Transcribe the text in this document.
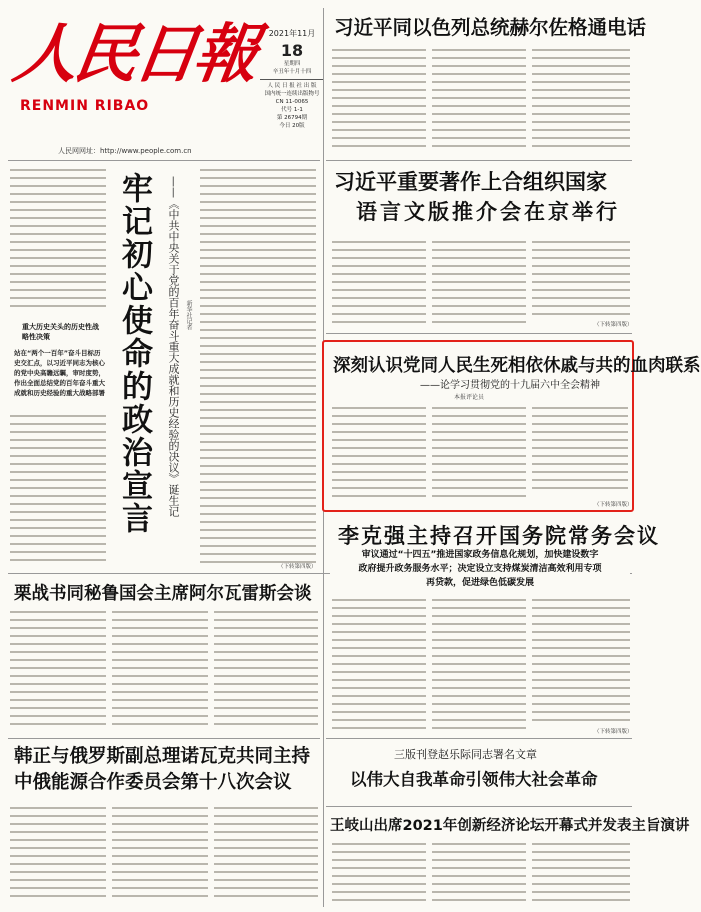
人民日報
RENMIN RIBAO
人民网网址：http://www.people.com.cn
2021年11月
18
星期四
辛丑年十月十四
人 民 日 报 社 出 版
国内统一连续出版物号
CN 11-0065
代号 1-1
第 26794期
今日 20版
习近平同以色列总统赫尔佐格通电话
习近平重要著作上合组织国家
语言文版推介会在京举行
（下转第四版）
深刻认识党同人民生死相依休戚与共的血肉联系
——论学习贯彻党的十九届六中全会精神
本报评论员
（下转第四版）
李克强主持召开国务院常务会议
审议通过“十四五”推进国家政务信息化规划，加快建设数字
政府提升政务服务水平；决定设立支持煤炭清洁高效利用专项
再贷款，促进绿色低碳发展
（下转第四版）
重大历史关头的历史性战略性决策
站在“两个一百年”奋斗目标历史交汇点，以习近平同志为核心的党中央高瞻远瞩，审时度势，作出全面总结党的百年奋斗重大成就和历史经验的重大战略部署 牢记初心使命的政治宣言 ——《中共中央关于党的百年奋斗重大成就和历史经验的决议》诞生记 新华社记者
（下转第四版）
栗战书同秘鲁国会主席阿尔瓦雷斯会谈
韩正与俄罗斯副总理诺瓦克共同主持
中俄能源合作委员会第十八次会议
三版刊登赵乐际同志署名文章
以伟大自我革命引领伟大社会革命
王岐山出席2021年创新经济论坛开幕式并发表主旨演讲
